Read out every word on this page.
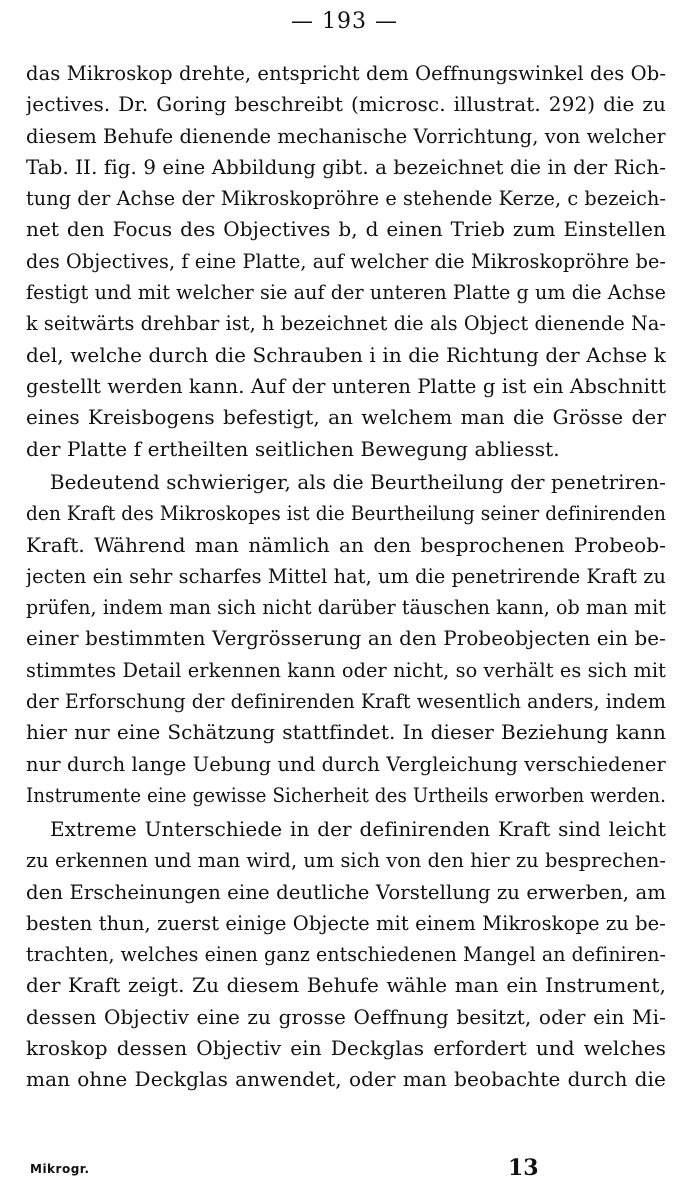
— 193 —
das Mikroskop drehte, entspricht dem Oeffnungswinkel des Ob-
jectives. Dr. Goring beschreibt (microsc. illustrat. 292) die zu
diesem Behufe dienende mechanische Vorrichtung, von welcher
Tab. II. fig. 9 eine Abbildung gibt. a bezeichnet die in der Rich-
tung der Achse der Mikroskopröhre e stehende Kerze, c bezeich-
net den Focus des Objectives b, d einen Trieb zum Einstellen
des Objectives, f eine Platte, auf welcher die Mikroskopröhre be-
festigt und mit welcher sie auf der unteren Platte g um die Achse
k seitwärts drehbar ist, h bezeichnet die als Object dienende Na-
del, welche durch die Schrauben i in die Richtung der Achse k
gestellt werden kann. Auf der unteren Platte g ist ein Abschnitt
eines Kreisbogens befestigt, an welchem man die Grösse der
der Platte f ertheilten seitlichen Bewegung abliesst.
Bedeutend schwieriger, als die Beurtheilung der penetriren-
den Kraft des Mikroskopes ist die Beurtheilung seiner definirenden
Kraft. Während man nämlich an den besprochenen Probeob-
jecten ein sehr scharfes Mittel hat, um die penetrirende Kraft zu
prüfen, indem man sich nicht darüber täuschen kann, ob man mit
einer bestimmten Vergrösserung an den Probeobjecten ein be-
stimmtes Detail erkennen kann oder nicht, so verhält es sich mit
der Erforschung der definirenden Kraft wesentlich anders, indem
hier nur eine Schätzung stattfindet. In dieser Beziehung kann
nur durch lange Uebung und durch Vergleichung verschiedener
Instrumente eine gewisse Sicherheit des Urtheils erworben werden.
Extreme Unterschiede in der definirenden Kraft sind leicht
zu erkennen und man wird, um sich von den hier zu besprechen-
den Erscheinungen eine deutliche Vorstellung zu erwerben, am
besten thun, zuerst einige Objecte mit einem Mikroskope zu be-
trachten, welches einen ganz entschiedenen Mangel an definiren-
der Kraft zeigt. Zu diesem Behufe wähle man ein Instrument,
dessen Objectiv eine zu grosse Oeffnung besitzt, oder ein Mi-
kroskop dessen Objectiv ein Deckglas erfordert und welches
man ohne Deckglas anwendet, oder man beobachte durch die
Mikrogr.	13
